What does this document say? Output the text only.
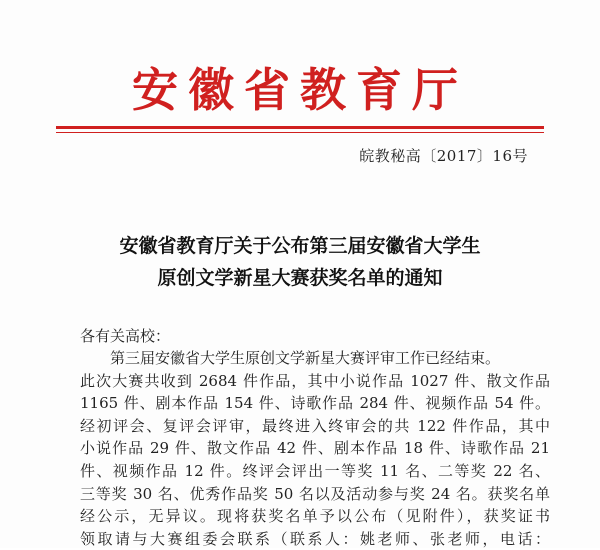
安徽省教育厅
皖教秘高〔2017〕16号
安徽省教育厅关于公布第三届安徽省大学生
原创文学新星大赛获奖名单的通知
各有关高校：
第三届安徽省大学生原创文学新星大赛评审工作已经结束。
此次大赛共收到 2684 件作品，其中小说作品 1027 件、散文作品
1165 件、剧本作品 154 件、诗歌作品 284 件、视频作品 54 件。
经初评会、复评会评审，最终进入终审会的共 122 件作品，其中
小说作品 29 件、散文作品 42 件、剧本作品 18 件、诗歌作品 21
件、视频作品 12 件。终评会评出一等奖 11 名、二等奖 22 名、
三等奖 30 名、优秀作品奖 50 名以及活动参与奖 24 名。获奖名单
经公示，无异议。现将获奖名单予以公布（见附件），获奖证书
领取请与大赛组委会联系（联系人：姚老师、张老师，电话：
